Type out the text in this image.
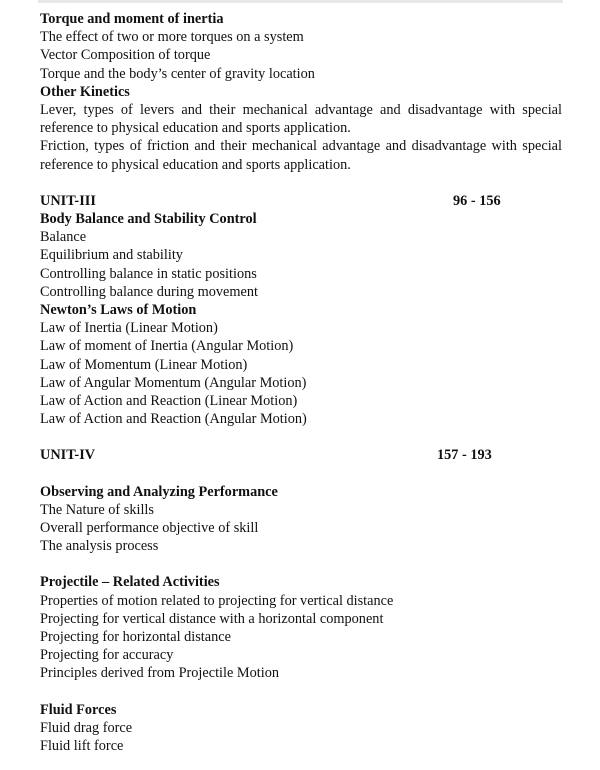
Torque and moment of inertia
The effect of two or more torques on a system
Vector Composition of torque
Torque and the body’s center of gravity location
Other Kinetics
Lever, types of levers and their mechanical advantage and disadvantage with special reference to physical education and sports application.
Friction, types of friction and their mechanical advantage and disadvantage with special reference to physical education and sports application.
UNIT-III	96 - 156
Body Balance and Stability Control
Balance
Equilibrium and stability
Controlling balance in static positions
Controlling balance during movement
Newton’s Laws of Motion
Law of Inertia (Linear Motion)
Law of moment of Inertia (Angular Motion)
Law of Momentum (Linear Motion)
Law of Angular Momentum (Angular Motion)
Law of Action and Reaction (Linear Motion)
Law of Action and Reaction (Angular Motion)
UNIT-IV	157 - 193
Observing and Analyzing Performance
The Nature of skills
Overall performance objective of skill
The analysis process
Projectile – Related Activities
Properties of motion related to projecting for vertical distance
Projecting for vertical distance with a horizontal component
Projecting for horizontal distance
Projecting for accuracy
Principles derived from Projectile Motion
Fluid Forces
Fluid drag force
Fluid lift force
